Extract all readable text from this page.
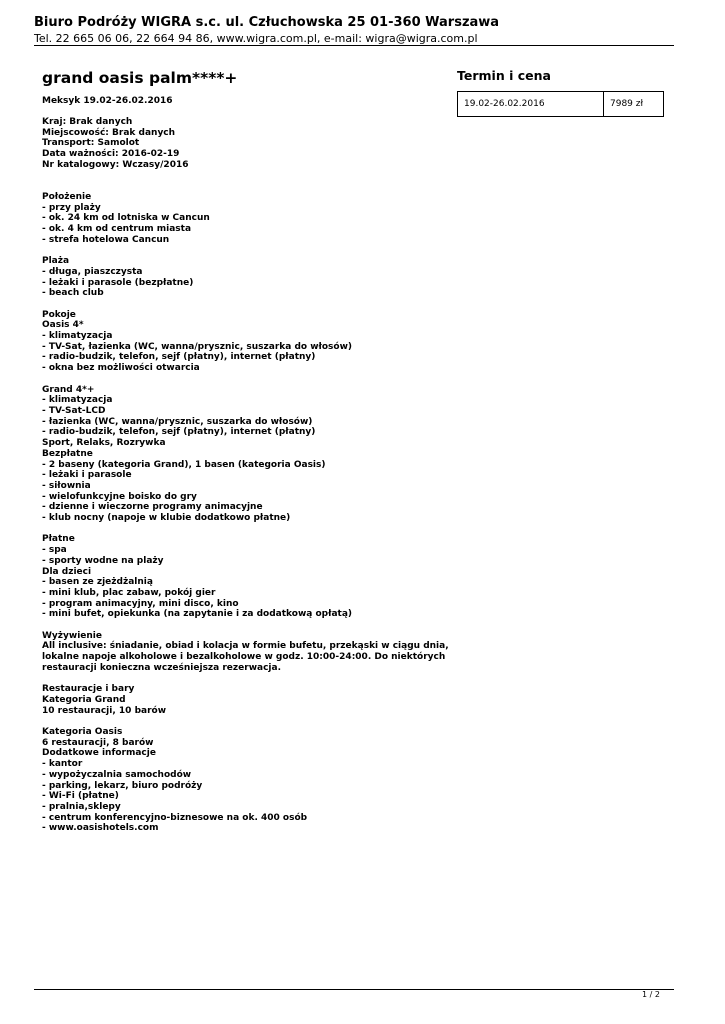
Biuro Podróży WIGRA s.c. ul. Człuchowska 25 01-360 Warszawa
Tel. 22 665 06 06, 22 664 94 86, www.wigra.com.pl, e-mail: wigra@wigra.com.pl
grand oasis palm****+
Meksyk 19.02-26.02.2016
Kraj: Brak danych
Miejscowość: Brak danych
Transport: Samolot
Data ważności: 2016-02-19
Nr katalogowy: Wczasy/2016

Położenie
- przy plaży
- ok. 24 km od lotniska w Cancun
- ok. 4 km od centrum miasta
- strefa hotelowa Cancun

Plaża
- długa, piaszczysta
- leżaki i parasole (bezpłatne)
- beach club

Pokoje
Oasis 4*
- klimatyzacja
- TV-Sat, łazienka (WC, wanna/prysznic, suszarka do włosów)
- radio-budzik, telefon, sejf (płatny), internet (płatny)
- okna bez możliwości otwarcia

Grand 4*+
- klimatyzacja
- TV-Sat-LCD
- łazienka (WC, wanna/prysznic, suszarka do włosów)
- radio-budzik, telefon, sejf (płatny), internet (płatny)
Sport, Relaks, Rozrywka
Bezpłatne
- 2 baseny (kategoria Grand), 1 basen (kategoria Oasis)
- leżaki i parasole
- siłownia
- wielofunkcyjne boisko do gry
- dzienne i wieczorne programy animacyjne
- klub nocny (napoje w klubie dodatkowo płatne)

Płatne
- spa
- sporty wodne na plaży
Dla dzieci
- basen ze zjeżdżalnią
- mini klub, plac zabaw, pokój gier
- program animacyjny, mini disco, kino
- mini bufet, opiekunka (na zapytanie i za dodatkową opłatą)

Wyżywienie
All inclusive: śniadanie, obiad i kolacja w formie bufetu, przekąski w ciągu dnia,
lokalne napoje alkoholowe i bezalkoholowe w godz. 10:00-24:00. Do niektórych
restauracji konieczna wcześniejsza rezerwacja.

Restauracje i bary
Kategoria Grand
10 restauracji, 10 barów

Kategoria Oasis
6 restauracji, 8 barów
Dodatkowe informacje
- kantor
- wypożyczalnia samochodów
- parking, lekarz, biuro podróży
- Wi-Fi (płatne)
- pralnia,sklepy
- centrum konferencyjno-biznesowe na ok. 400 osób
- www.oasishotels.com
Termin i cena
19.02-26.02.2016	7989 zł
1 / 2
